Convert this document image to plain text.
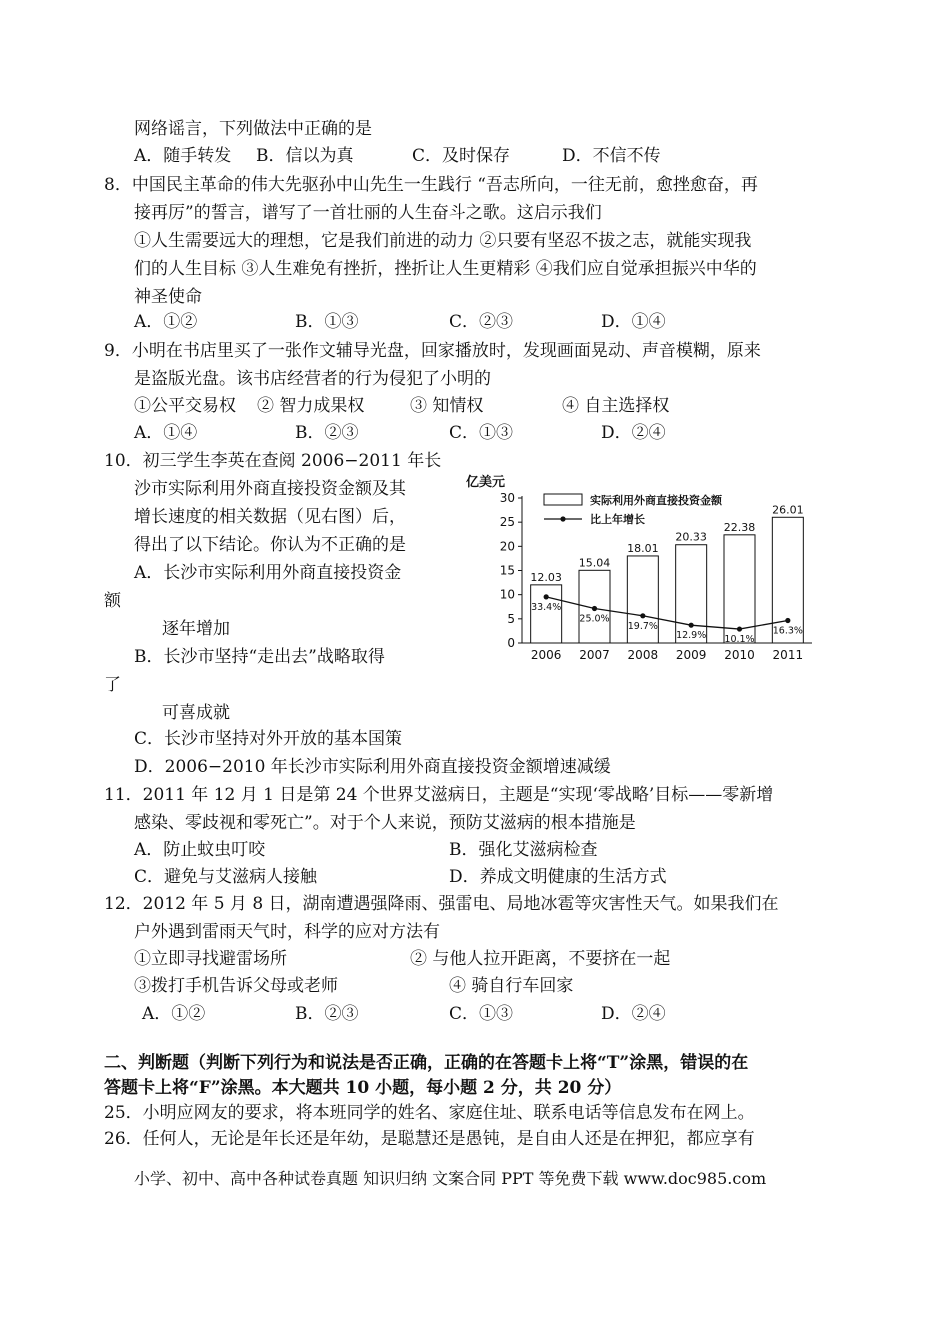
网络谣言，下列做法中正确的是
A．随手转发 B．信以为真	C．及时保存	D．不信不传
8．中国民主革命的伟大先驱孙中山先生一生践行 “吾志所向，一往无前，愈挫愈奋，再
接再厉”的誓言，谱写了一首壮丽的人生奋斗之歌。这启示我们
①人生需要远大的理想，它是我们前进的动力 ②只要有坚忍不拔之志，就能实现我
们的人生目标 ③人生难免有挫折，挫折让人生更精彩 ④我们应自觉承担振兴中华的
神圣使命
A．①②	B．①③	C．②③	D．①④
9．小明在书店里买了一张作文辅导光盘，回家播放时，发现画面晃动、声音模糊，原来
是盗版光盘。该书店经营者的行为侵犯了小明的
①公平交易权 ② 智力成果权	③ 知情权	④ 自主选择权
A．①④	B．②③	C．①③	D．②④
10．初三学生李英在查阅 2006−2011 年长
沙市实际利用外商直接投资金额及其
增长速度的相关数据（见右图）后，
得出了以下结论。你认为不正确的是
A．长沙市实际利用外商直接投资金
额
逐年增加
B．长沙市坚持“走出去”战略取得
了
可喜成就
C．长沙市坚持对外开放的基本国策
D．2006−2010 年长沙市实际利用外商直接投资金额增速减缓
亿美元
0
5
10
15
20
25
30
12.03
2006
15.04
2007
18.01
2008
20.33
2009
22.38
2010
26.01
2011
33.4%
25.0%
19.7%
12.9% 10.1%
16.3%
实际利用外商直接投资金额
比上年增长
11．2011 年 12 月 1 日是第 24 个世界艾滋病日，主题是“实现‘零战略’目标——零新增
感染、零歧视和零死亡”。对于个人来说，预防艾滋病的根本措施是
A．防止蚊虫叮咬	B．强化艾滋病检查
C．避免与艾滋病人接触	D．养成文明健康的生活方式
12．2012 年 5 月 8 日，湖南遭遇强降雨、强雷电、局地冰雹等灾害性天气。如果我们在
户外遇到雷雨天气时，科学的应对方法有
①立即寻找避雷场所	② 与他人拉开距离，不要挤在一起
③拨打手机告诉父母或老师	④ 骑自行车回家
A．①②	B．②③	C．①③	D．②④
二、判断题（判断下列行为和说法是否正确，正确的在答题卡上将“T”涂黑，错误的在
答题卡上将“F”涂黑。本大题共 10 小题，每小题 2 分，共 20 分）
25．小明应网友的要求，将本班同学的姓名、家庭住址、联系电话等信息发布在网上。
26．任何人，无论是年长还是年幼，是聪慧还是愚钝，是自由人还是在押犯，都应享有
小学、初中、高中各种试卷真题 知识归纳 文案合同 PPT 等免费下载 www.doc985.com
